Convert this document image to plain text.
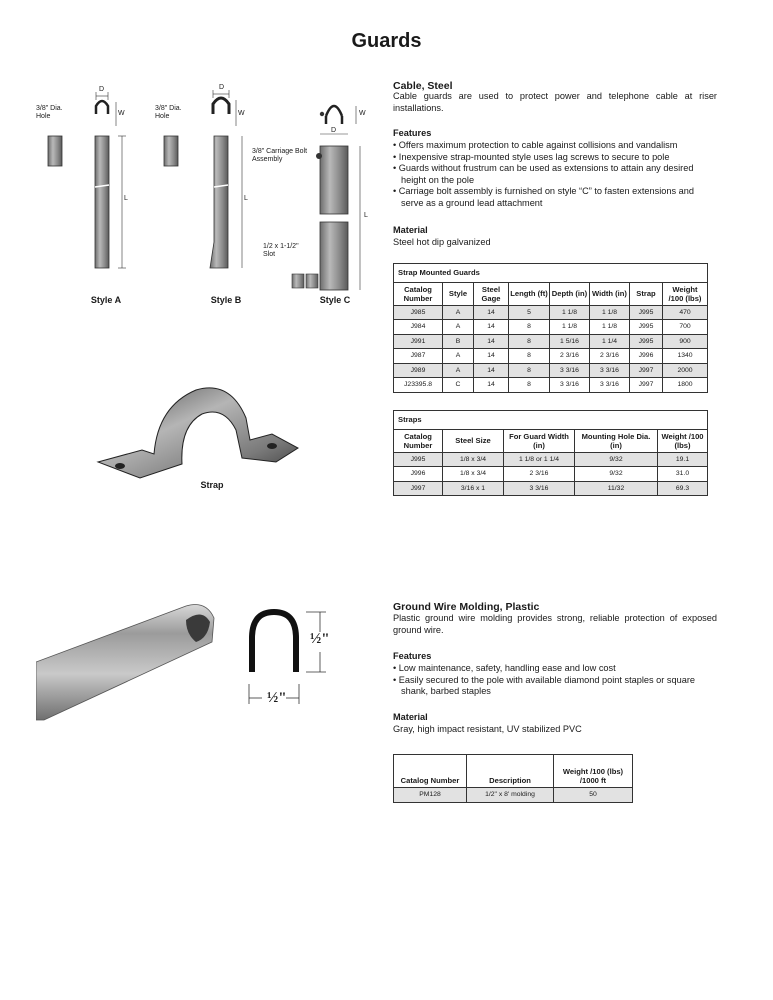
Guards
D
W
L
D
W
L
D
W
L
3/8" Dia. Hole
3/8" Dia. Hole
3/8" Carriage Bolt Assembly
1/2 x 1-1/2" Slot
Style A	Style B	Style C
Strap
Cable, Steel
Cable guards are used to protect power and telephone cable at riser installations.
Features
• Offers maximum protection to cable against collisions and vandalism
• Inexpensive strap-mounted style uses lag screws to secure to pole
• Guards without frustrum can be used as extensions to attain any desired height on the pole
• Carriage bolt assembly is furnished on style “C” to fasten extensions and serve as a ground lead attachment
Material
Steel hot dip galvanized
Strap Mounted Guards							
Catalog Number	Style	Steel Gage	Length (ft)	Depth (in)	Width (in)	Strap	Weight /100 (lbs)
J985	A	14	5	1 1/8	1 1/8	J995	470
J984	A	14	8	1 1/8	1 1/8	J995	700
J991	B	14	8	1 5/16	1 1/4	J995	900
J987	A	14	8	2 3/16	2 3/16	J996	1340
J989	A	14	8	3 3/16	3 3/16	J997	2000
J23395.8	C	14	8	3 3/16	3 3/16	J997	1800
Straps				
Catalog Number	Steel Size	For Guard Width (in)	Mounting Hole Dia. (in)	Weight /100 (lbs)
J995	1/8 x 3/4	1 1/8 or 1 1/4	9/32	19.1
J996	1/8 x 3/4	2 3/16	9/32	31.0
J997	3/16 x 1	3 3/16	11/32	69.3
½"
½"
Ground Wire Molding, Plastic
Plastic ground wire molding provides strong, reliable protection of exposed ground wire.
Features
• Low maintenance, safety, handling ease and low cost
• Easily secured to the pole with available diamond point staples or square shank, barbed staples
Material
Gray, high impact resistant, UV stabilized PVC
Catalog Number	Description	Weight /100 (lbs) /1000 ft
PM128	1/2" x 8' molding	50
